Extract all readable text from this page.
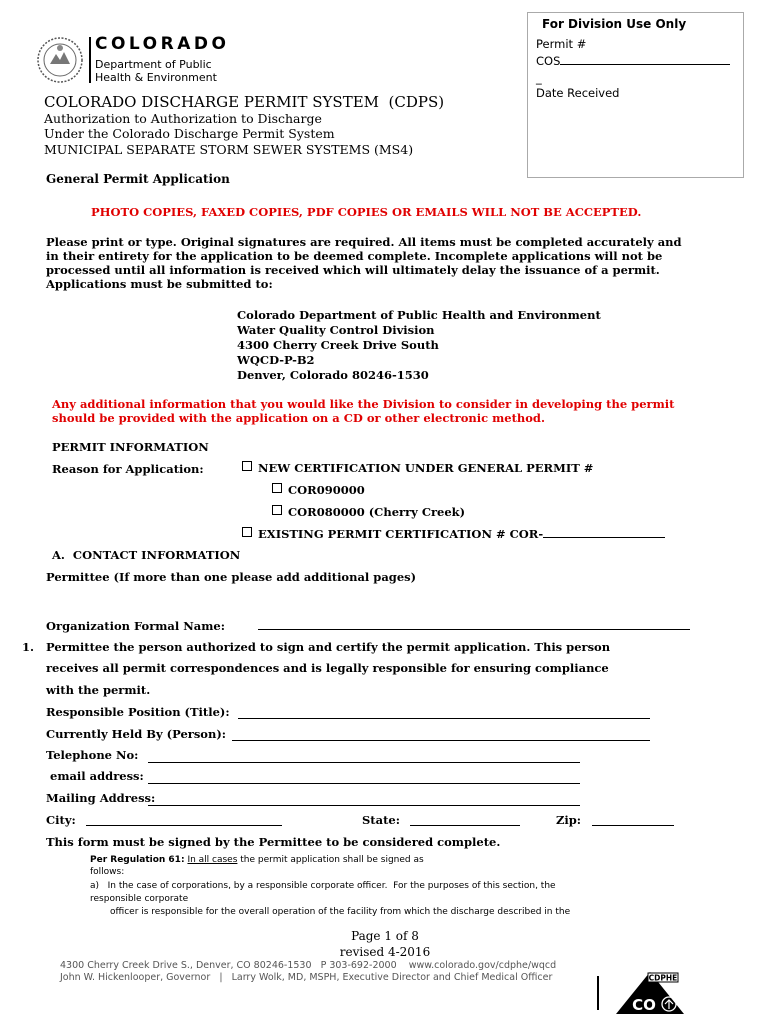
For Division Use Only
Permit #
COS
_
Date Received
COLORADO
Department of Public
Health & Environment
COLORADO DISCHARGE PERMIT SYSTEM  (CDPS)
Authorization to Authorization to Discharge
Under the Colorado Discharge Permit System
MUNICIPAL SEPARATE STORM SEWER SYSTEMS (MS4)
General Permit Application
PHOTO COPIES, FAXED COPIES, PDF COPIES OR EMAILS WILL NOT BE ACCEPTED.
Please print or type. Original signatures are required. All items must be completed accurately and
in their entirety for the application to be deemed complete. Incomplete applications will not be
processed until all information is received which will ultimately delay the issuance of a permit.
Applications must be submitted to:
Colorado Department of Public Health and Environment
Water Quality Control Division
4300 Cherry Creek Drive South
WQCD-P-B2
Denver, Colorado 80246-1530
Any additional information that you would like the Division to consider in developing the permit
should be provided with the application on a CD or other electronic method.
PERMIT INFORMATION
Reason for Application:	NEW CERTIFICATION UNDER GENERAL PERMIT #
COR090000
COR080000 (Cherry Creek)
EXISTING PERMIT CERTIFICATION # COR-
A.  CONTACT INFORMATION
Permittee (If more than one please add additional pages)
Organization Formal Name:
1. Permittee the person authorized to sign and certify the permit application. This person
receives all permit correspondences and is legally responsible for ensuring compliance
with the permit.
Responsible Position (Title):
Currently Held By (Person):
Telephone No:
email address:
Mailing Address:
City:	State:	Zip:
This form must be signed by the Permittee to be considered complete.
Per Regulation 61: In all cases the permit application shall be signed as
follows:
a)   In the case of corporations, by a responsible corporate officer.  For the purposes of this section, the
responsible corporate
officer is responsible for the overall operation of the facility from which the discharge described in the
Page 1 of 8
revised 4-2016
4300 Cherry Creek Drive S., Denver, CO 80246-1530   P 303-692-2000    www.colorado.gov/cdphe/wqcd
John W. Hickenlooper, Governor   |   Larry Wolk, MD, MSPH, Executive Director and Chief Medical Officer	CDPHE
CO
